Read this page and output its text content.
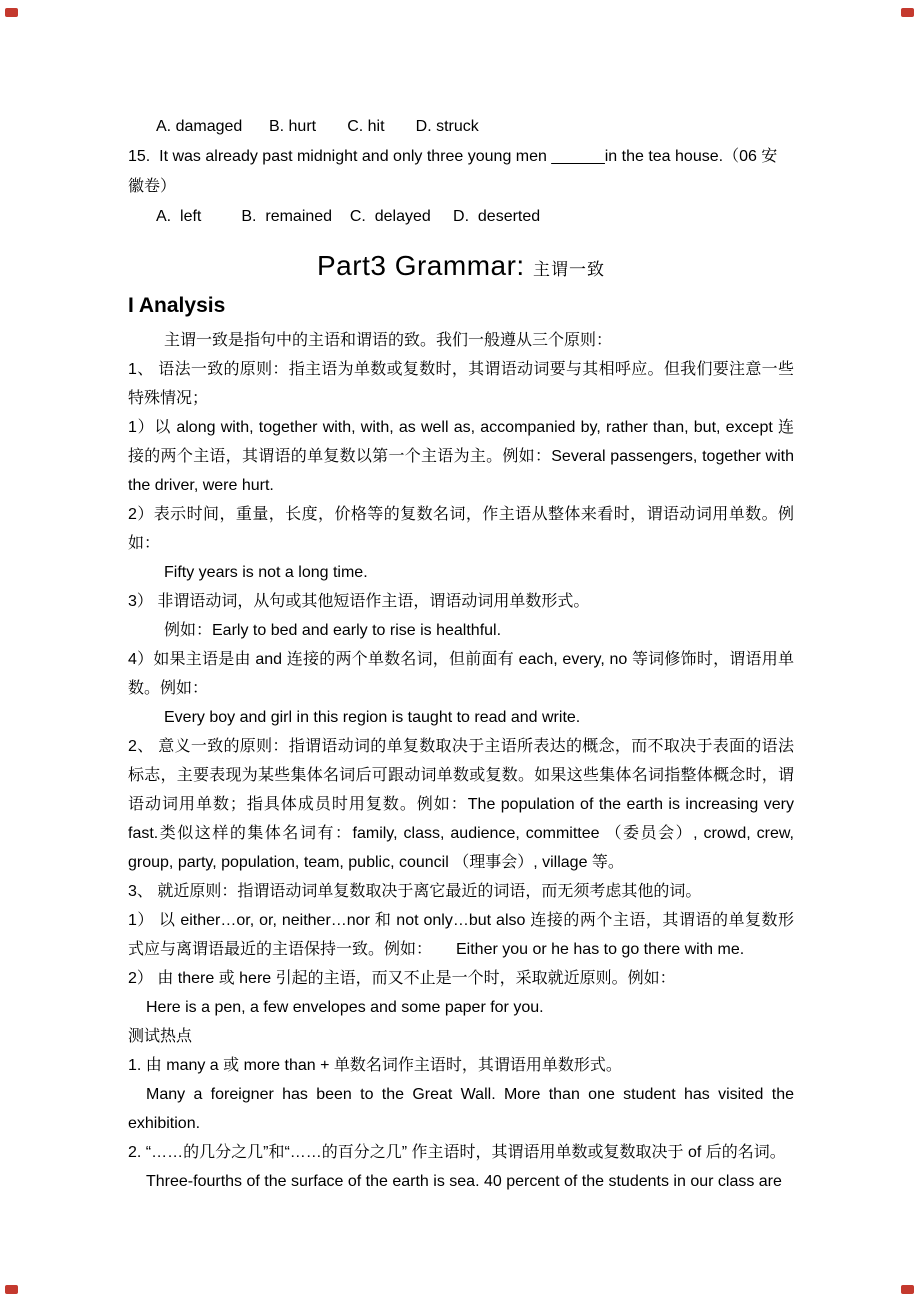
A. damaged      B. hurt       C. hit       D. struck

15.  It was already past midnight and only three young men ______in the tea house.（06 安

徽卷）

A.  left         B.  remained    C.  delayed     D.  deserted

Part3 Grammar: 主谓一致

I Analysis

主谓一致是指句中的主语和谓语的致。我们一般遵从三个原则：

1、 语法一致的原则：指主语为单数或复数时，其谓语动词要与其相呼应。但我们要注意一些特殊情况；

1）以 along with, together with, with, as well as, accompanied by, rather than, but, except 连接的两个主语，其谓语的单复数以第一个主语为主。例如：Several passengers, together with the driver, were hurt.

2）表示时间，重量，长度，价格等的复数名词，作主语从整体来看时，谓语动词用单数。例如：

Fifty years is not a long time.

3） 非谓语动词，从句或其他短语作主语，谓语动词用单数形式。

例如：Early to bed and early to rise is healthful.

4）如果主语是由 and 连接的两个单数名词，但前面有 each, every, no 等词修饰时，谓语用单数。例如：

Every boy and girl in this region is taught to read and write.

2、 意义一致的原则：指谓语动词的单复数取决于主语所表达的概念，而不取决于表面的语法标志，主要表现为某些集体名词后可跟动词单数或复数。如果这些集体名词指整体概念时，谓语动词用单数；指具体成员时用复数。例如：The population of the earth is increasing very fast.类似这样的集体名词有：family, class, audience, committee （委员会）, crowd, crew, group, party, population, team, public, council （理事会）, village 等。

3、 就近原则：指谓语动词单复数取决于离它最近的词语，而无须考虑其他的词。

1） 以 either…or, or, neither…nor 和 not only…but also 连接的两个主语，其谓语的单复数形式应与离谓语最近的主语保持一致。例如：　　Either you or he has to go there with me.

2） 由 there 或 here 引起的主语，而又不止是一个时，采取就近原则。例如：

Here is a pen, a few envelopes and some paper for you.

测试热点

1. 由 many a 或 more than + 单数名词作主语时，其谓语用单数形式。

Many a foreigner has been to the Great Wall. More than one student has visited the exhibition.

2. “……的几分之几”和“……的百分之几” 作主语时，其谓语用单数或复数取决于 of 后的名词。

Three-fourths of the surface of the earth is sea. 40 percent of the students in our class are
